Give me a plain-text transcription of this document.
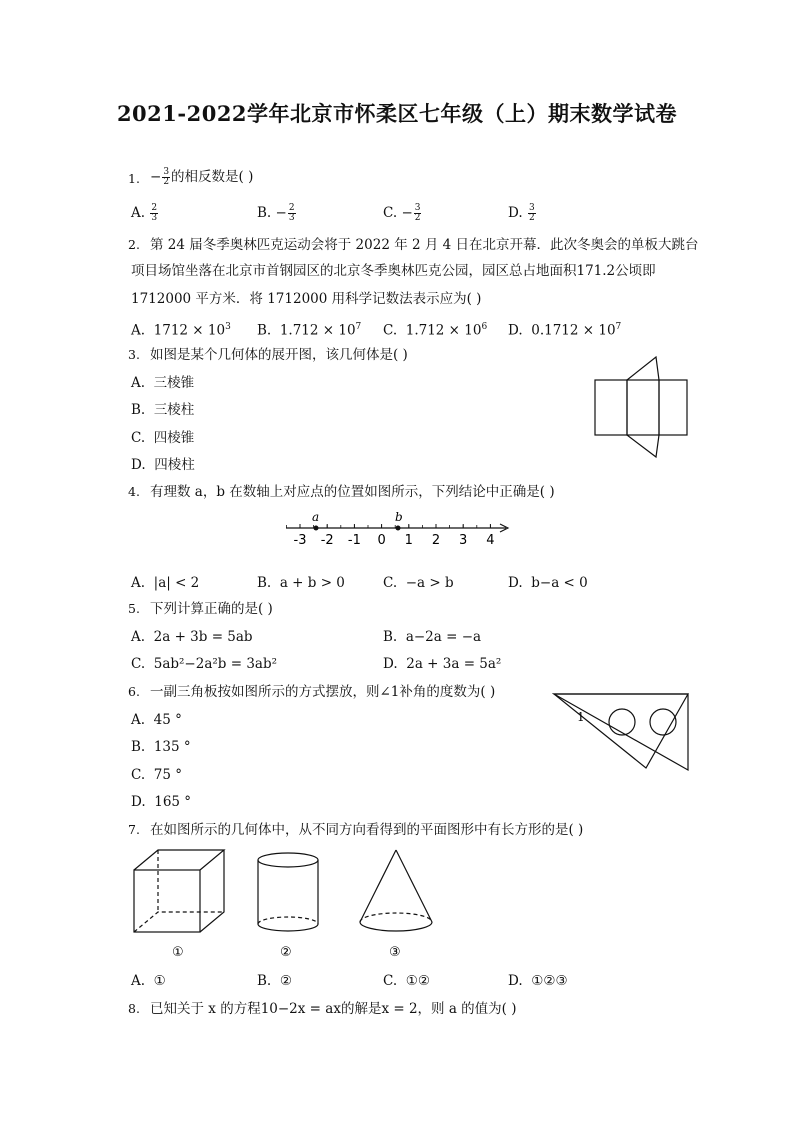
2021-2022学年北京市怀柔区七年级（上）期末数学试卷
1. − $\frac{3}{2}$ 的相反数是( )
A. $\frac{2}{3}$	B. − $\frac{2}{3}$	C. − $\frac{3}{2}$	D. $\frac{3}{2}$
2. 第 24 届冬季奥林匹克运动会将于 2022 年 2 月 4 日在北京开幕．此次冬奥会的单板大跳台
项目场馆坐落在北京市首钢园区的北京冬季奥林匹克公园，园区总占地面积171.2公顷即
1712000 平方米．将 1712000 用科学记数法表示应为( )
A. $1712 \times 10^3$ B. $1.712 \times 10^7$ C. $1.712 \times 10^6$ D. $0.1712 \times 10^7$
3. 如图是某个几何体的展开图，该几何体是( )
A. 三棱锥
B. 三棱柱
C. 四棱锥
D. 四棱柱
4. 有理数 a，b 在数轴上对应点的位置如图所示，下列结论中正确是( )
-3 -2 -1 0 1 2 3 4
a	b
A. |a| < 2	B. a + b > 0	C. −a > b	D. b−a < 0
5. 下列计算正确的是( )
A. 2a + 3b = 5ab	B. a−2a = −a
C. 5ab²−2a²b = 3ab²	D. 2a + 3a = 5a²
6. 一副三角板按如图所示的方式摆放，则∠1补角的度数为( )
A. 45 °
B. 135 °
C. 75 °
D. 165 °
1
7. 在如图所示的几何体中，从不同方向看得到的平面图形中有长方形的是( )
①	②	③
A. ①	B. ②	C. ①②	D. ①②③
8. 已知关于 x 的方程10−2x = ax的解是x = 2，则 a 的值为( )
